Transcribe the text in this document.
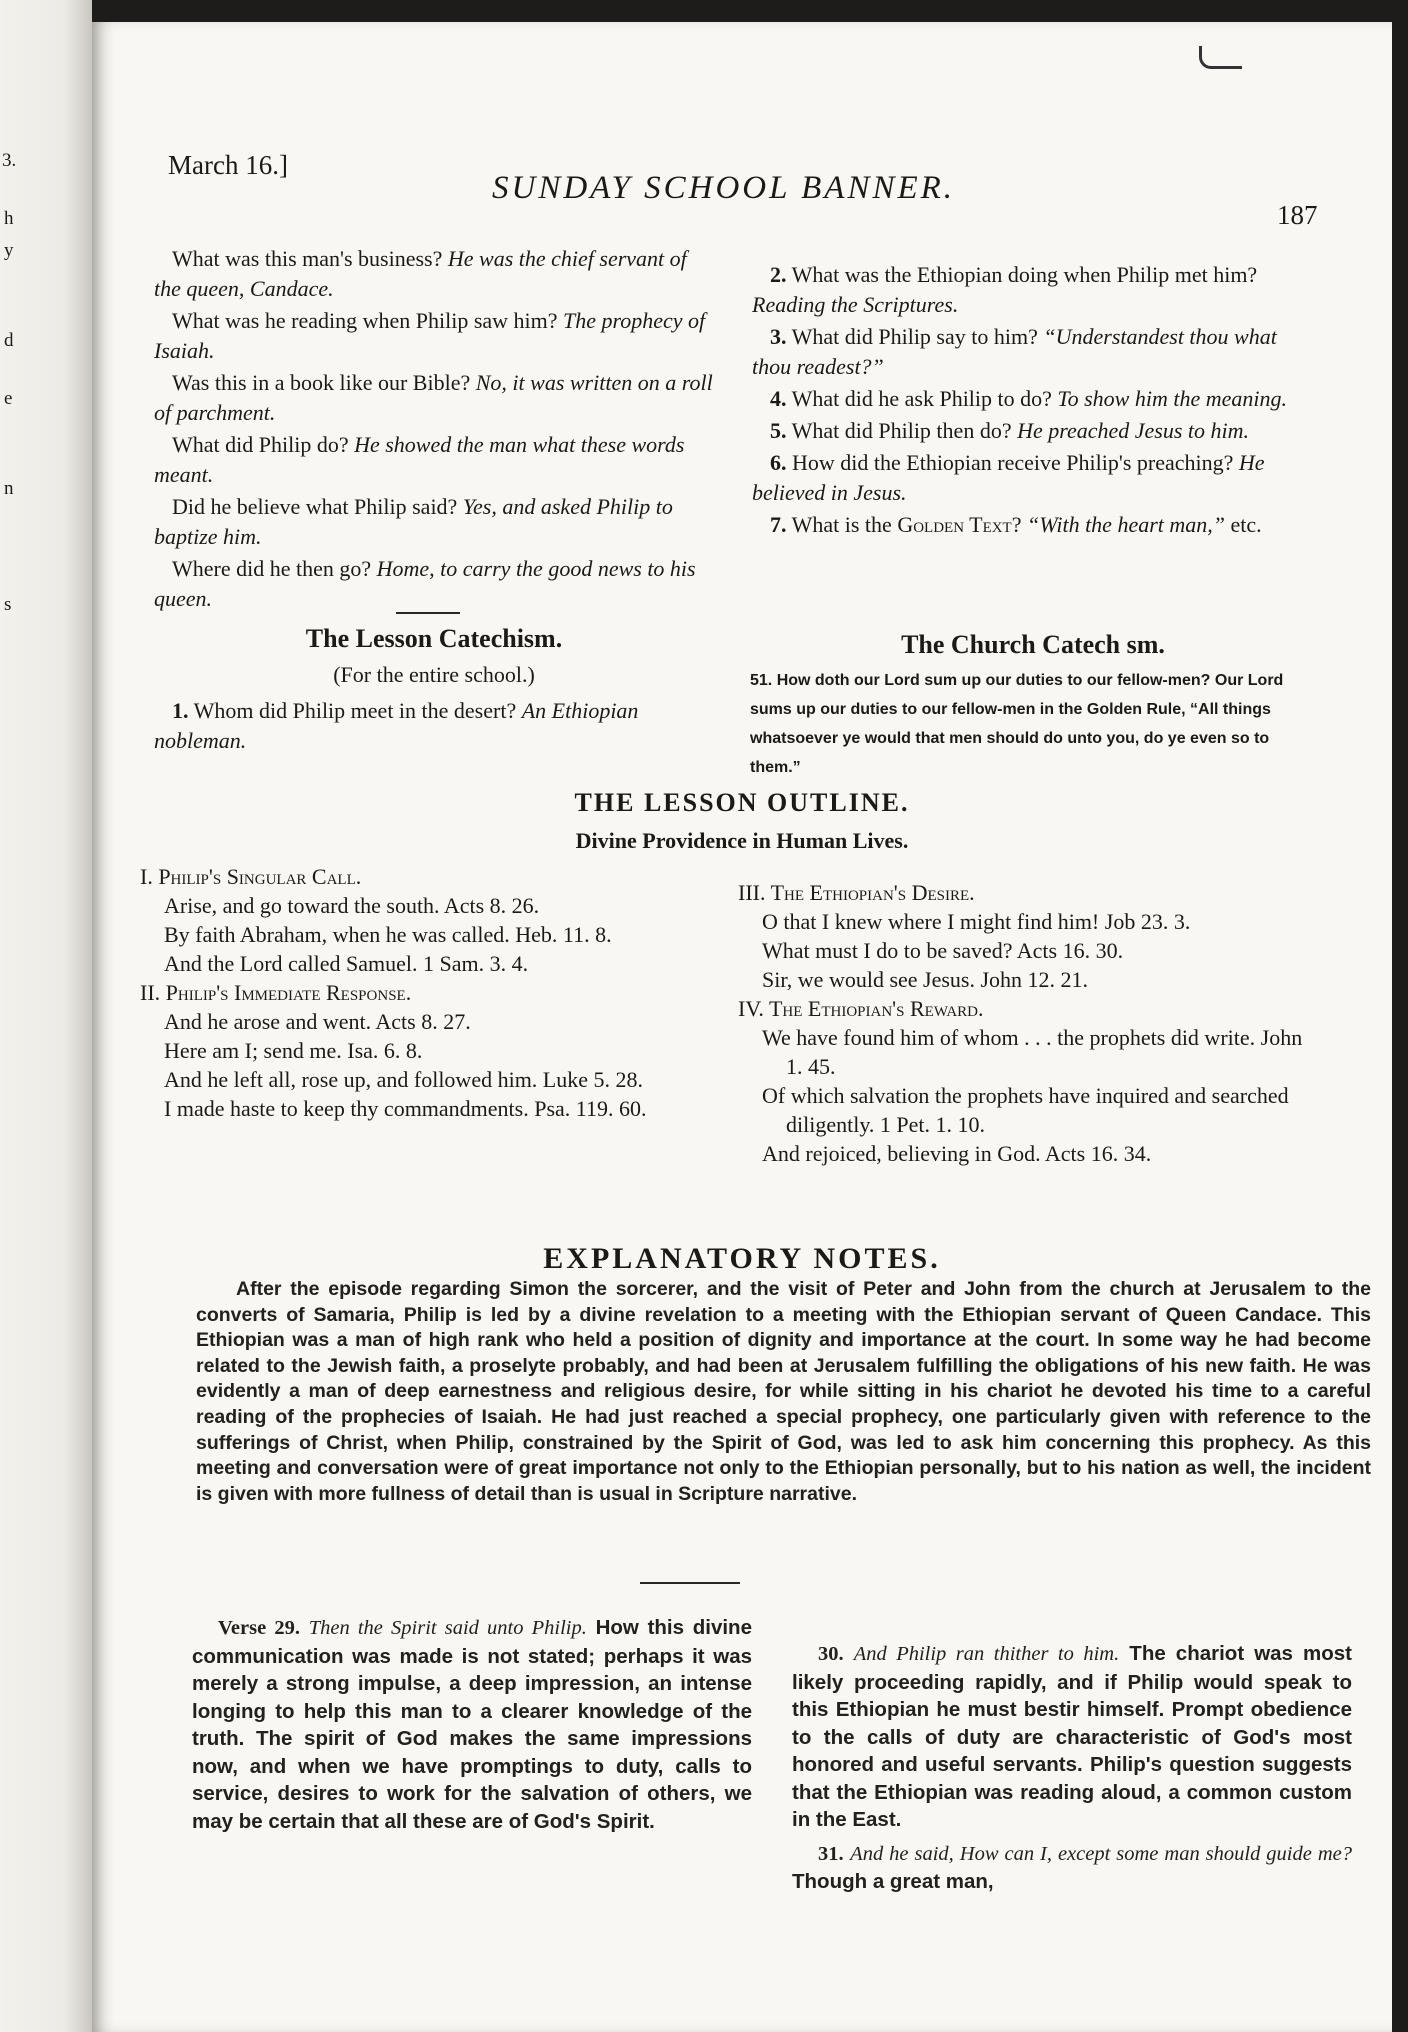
3.
h
y
d
e
n
s
March 16.]
SUNDAY SCHOOL BANNER.
187

What was this man's business? He was the chief servant of the queen, Candace.

What was he reading when Philip saw him? The prophecy of Isaiah.

Was this in a book like our Bible? No, it was written on a roll of parchment.

What did Philip do? He showed the man what these words meant.

Did he believe what Philip said? Yes, and asked Philip to baptize him.

Where did he then go? Home, to carry the good news to his queen.

The Lesson Catechism.
(For the entire school.)

1. Whom did Philip meet in the desert? An Ethiopian nobleman.

2. What was the Ethiopian doing when Philip met him? Reading the Scriptures.

3. What did Philip say to him? “Understandest thou what thou readest?”

4. What did he ask Philip to do? To show him the meaning.

5. What did Philip then do? He preached Jesus to him.

6. How did the Ethiopian receive Philip's preaching? He believed in Jesus.

7. What is the Golden Text? “With the heart man,” etc.

The Church Catech sm.
51. How doth our Lord sum up our duties to our fellow-men? Our Lord sums up our duties to our fellow-men in the Golden Rule, “All things whatsoever ye would that men should do unto you, do ye even so to them.”
THE LESSON OUTLINE.
Divine Providence in Human Lives.
I. Philip's Singular Call.
Arise, and go toward the south. Acts 8. 26.
By faith Abraham, when he was called. Heb. 11. 8.
And the Lord called Samuel. 1 Sam. 3. 4.
II. Philip's Immediate Response.
And he arose and went. Acts 8. 27.
Here am I; send me. Isa. 6. 8.
And he left all, rose up, and followed him. Luke 5. 28.
I made haste to keep thy commandments. Psa. 119. 60.
III. The Ethiopian's Desire.
O that I knew where I might find him! Job 23. 3.
What must I do to be saved? Acts 16. 30.
Sir, we would see Jesus. John 12. 21.
IV. The Ethiopian's Reward.
We have found him of whom . . . the prophets did write. John 1. 45.
Of which salvation the prophets have inquired and searched diligently. 1 Pet. 1. 10.
And rejoiced, believing in God. Acts 16. 34.
EXPLANATORY NOTES.

After the episode regarding Simon the sorcerer, and the visit of Peter and John from the church at Jerusalem to the converts of Samaria, Philip is led by a divine revelation to a meeting with the Ethiopian servant of Queen Candace. This Ethiopian was a man of high rank who held a position of dignity and importance at the court. In some way he had become related to the Jewish faith, a proselyte probably, and had been at Jerusalem fulfilling the obligations of his new faith. He was evidently a man of deep earnestness and religious desire, for while sitting in his chariot he devoted his time to a careful reading of the prophecies of Isaiah. He had just reached a special prophecy, one particularly given with reference to the sufferings of Christ, when Philip, constrained by the Spirit of God, was led to ask him concerning this prophecy. As this meeting and conversation were of great importance not only to the Ethiopian personally, but to his nation as well, the incident is given with more fullness of detail than is usual in Scripture narrative.

Verse 29. Then the Spirit said unto Philip. How this divine communication was made is not stated; perhaps it was merely a strong impulse, a deep impression, an intense longing to help this man to a clearer knowledge of the truth. The spirit of God makes the same impressions now, and when we have promptings to duty, calls to service, desires to work for the salvation of others, we may be certain that all these are of God's Spirit.

30. And Philip ran thither to him. The chariot was most likely proceeding rapidly, and if Philip would speak to this Ethiopian he must bestir himself. Prompt obedience to the calls of duty are characteristic of God's most honored and useful servants. Philip's question suggests that the Ethiopian was reading aloud, a common custom in the East.

31. And he said, How can I, except some man should guide me? Though a great man,
